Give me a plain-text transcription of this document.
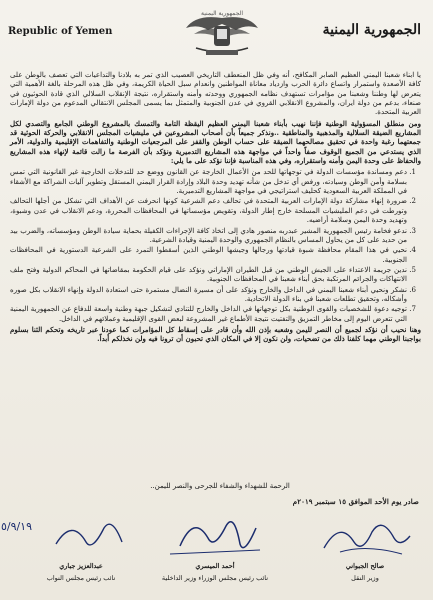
Republic of Yemen
الجمهورية اليمنية
الجمهورية اليمنية

يا ابناء شعبنا اليمني العظيم الصابر المكافح، أنه وفي ظل المنعطف التاريخي العصيب الذي تمر به بلادنا والتداعيات التي تعصف بالوطن على كافة الأصعدة واستمرار واتساع دائرة الحرب وازدياد معاناة المواطنين وانعدام سبل الحياة الكريمة، وفي ظل هذه المرحلة بالغة الأهمية التي يتعرض لها وطننا وشعبنا من مؤامرات تستهدف نظامه الجمهوري ووحدته وأمنه واستقراره، نتيجة الإنقلاب السلالي الذي قادة الحوثيون في صنعاء، بدعم من دولة ايران، والمشروع الانقلابي القروي في عدن الجنوبية والمتمثل بما يسمى المجلس الانتقالي المدعوم من دولة الإمارات العربية المتحدة.

ومن منطلق المسؤولية الوطنية فإننا نهيب بأبناء شعبنا اليمني العظيم اليقظة التامة والتمسك بالمشروع الوطني الجامع والتصدي لكل المشاريع الضيقة السلالية والمذهبية والمناطقية ..ونذكر جميعاً بأن أصحاب المشروعين في مليشيات المجلس الانقلابي والحركة الحوثية قد جمعتهما رغبة واحدة في تحقيق مصالحهما الضيقة على حساب الوطن والقفز على المرجعيات الوطنية والتفاهمات الإقليمية والدولية، الأمر الذي يستدعي من الجميع الوقوف صفاً واحداً في مواجهة هذه المشاريع التدميرية ونؤكد بأن الفرصة ما زالت قائمة لإنهاء هذه المشاريع والحفاظ على وحدة اليمن وأمنه واستقراره، وفي هذه المناسبة فإننا نؤكد على ما يلي:

1. دعم ومساندة مؤسسات الدولة في توجهاتها للحد من الأعمال الخارجة عن القانون ووضع حد للتدخلات الخارجية غير القانونية التي تمس بسلامة وأمن الوطن وسيادته، ورفض أي تدخل من شأنه تهديد وحدة البلاد وإرادة القرار اليمني المستقل وتطوير آليات الشراكة مع الأشقاء في المملكة العربية السعودية كحليف استراتيجي في مواجهة المشاريع التدميرية.
2. ضرورة إنهاء مشاركة دولة الإمارات العربية المتحدة في تحالف دعم الشرعية كونها انحرفت عن الأهداف التي تشكل من أجلها التحالف وتورطت في دعم المليشيات المسلحة خارج إطار الدولة، وتقويض مؤسساتها في المحافظات المحررة، ودعم الانقلاب في عدن وشبوة، وتهديد وحدة اليمن وسلامة أراضيه.
3. ندعو فخامة رئيس الجمهورية المشير عبدربه منصور هادي إلى اتخاذ كافة الإجراءات الكفيلة بحماية سيادة الوطن ومؤسساته، والضرب بيد من حديد على كل من يحاول المساس بالنظام الجمهوري والوحدة اليمنية وقيادة الشرعية.
4. نحيي في هذا المقام محافظة شبوة قيادتها ورجالها وجيشها الوطني الذين أسقطوا التمرد على الشرعية الدستورية في المحافظات الجنوبية.
5. ندين جريمة الاعتداء على الجيش الوطني من قبل الطيران الإماراتي ونؤكد على قيام الحكومة بمقاضاتها في المحاكم الدولية وفتح ملف الانتهاكات والجرائم المرتكبة بحق أبناء شعبنا في المحافظات الجنوبية.
6. نشكر ونحيي أبناء شعبنا اليمني في الداخل والخارج ونؤكد على أن مسيرة النضال مستمرة حتى استعادة الدولة وإنهاء الانقلاب بكل صوره وأشكاله، وتحقيق تطلعات شعبنا في بناء الدولة الاتحادية.
7. توجيه دعوة للشخصيات والقوى الوطنية بكل توجهاتها في الداخل والخارج للتنادي لتشكيل جبهة وطنية واسعة للدفاع عن الجمهورية اليمنية التي تتعرض اليوم إلى مخاطر التمزيق والتفتيت نتيجة الأطماع غير المشروعة لبعض القوى الإقليمية وعملائهم في الداخل.

وهنا نحيب أن نؤكد لجميع أن النصر لليمن وشعبه بإذن الله وأن قادر على إسقاط كل المؤامرات كما عودنا عبر تاريخه وتحكم الثنا بسلوم بواجبنا الوطني مهما كلفنا ذلك من تضحيات، ولن نكون إلا في المكان الذي تحبون أن ترونا فيه ولن نخذلكم أبداً.

الرحمة للشهداء والشفاء للجرحى والنصر لليمن..
صادر يوم الأحد الموافق ١٥ سبتمبر ٢٠١٩م
صالح الجبواني
وزير النقل
أحمد الميسري
نائب رئيس مجلس الوزراء وزير الداخلية
٥/٩/١٩
عبدالعزيز جباري
نائب رئيس مجلس النواب
